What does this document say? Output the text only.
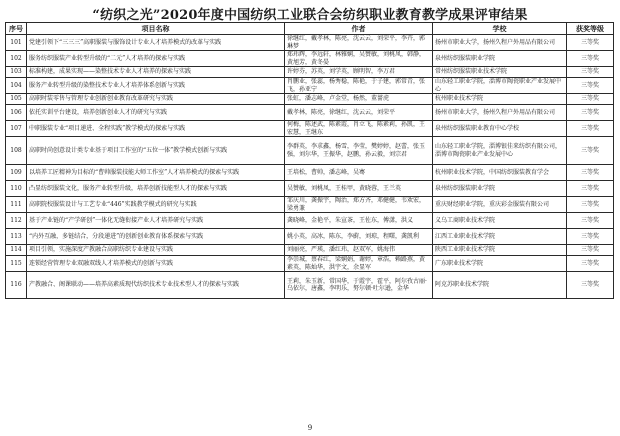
“纺织之光”2020年度中国纺织工业联合会纺织职业教育教学成果评审结果
序号	项目名称	作者	学校	获奖等级
101	党建引领下“三三三”高职服装与服饰设计专业人才培养模式的改革与实践	徐继红，戴孝林，陈亮，沈云云，刘荣平，李卉，郭琳梦	扬州市职业大学，扬州久程户外用品有限公司	三等奖
102	服务纺织服装产业转型升级的“二元”人才培养的探索与实践	郑玮辉，李远轩，林雅娴，吴赞敏，刘桃凤，韩静，黄旭芳，黄冬晏	泉州纺织服装职业学院	三等奖
103	标准构建，成果实现——染整技术专业人才培养的探索与实践	许婷芬，苏英，刘学英，顾明智，李万君	常州纺织服装职业技术学院	三等奖
104	服务产业转型升级的染整技术专业人才培养体系创新与实践	肖鹏业，张蕊，杨秀稳，陈艳，于子建，郭常青，张飞，孙亚宁	山东轻工职业学院，淄博市陶瓷职业产业发展中心	三等奖
105	高职时装零售与管理专业创新创业教育改革研究与实践	张虹，潘志峰，卢金堂，杨然，董蔷虎	杭州职业技术学院	三等奖
106	依托实训平台建设，培养创新创业人才的研究与实践	戴孝林，陈亮，徐继红，沈云云，刘荣平	扬州市职业大学，扬州久程户外用品有限公司	三等奖
107	中职服装专业“项目递进、全程实践”教学模式的探索与实践	何梅，陈述武，陈素霞，肖立飞，陈素莉，孙凯，王宏慧，王继东	泉州纺织服装职业教育中心学校	三等奖
108	高职时尚创意设计类专业基于项目工作室的“五位一体”教学模式创新与实践	李群英，李求鑫，杨雪，李莹，樊婷婷，赵蕾，张玉强，刘尔华，王振华，赵鹏，孙云毅，刘宗君	山东轻工职业学院，淄博银佳来纺织有限公司，淄博市陶瓷职业产业发展中心	三等奖
109	以培养工匠精神为目标的“曹帅服装技能大师工作室”人才培养模式的探索与实践	王培松，曹帅，潘志峰，吴骞	杭州职业技术学院，中国纺织服装教育学会	三等奖
110	凸显纺织服装文化，服务产业转型升级，培养创新技能型人才的探索与实践	吴赞敏，刘桃凤，王桂甲，黄晓蓉，王兰英	泉州纺织服装职业学院	三等奖
111	高职院校服装设计与工艺专业“446”实践教学模式的研究与实践	邹庆川，龚振宇，陶治，郑方齐，邓健健，韦欢宏，梁勇兼	重庆财经职业学院，重庆彩金服装有限公司	三等奖
112	基于产业链的“产学研创”一体化无缝衔接产业人才培养研究与实践	龚晓峰，金艳平，朱宣茶，王佐东，傅潇，洪义	义乌工商职业技术学院	三等奖
113	“内外互融，多链结合，分段递进”的创新创业教育体系探索与实践	姚小英，高冰，陈东，李蔚，刘琼，程曙，龚凯利	江西工业职业技术学院	三等奖
114	项目引领，实施深度产教融合高职纺织专业建设与实践	刘丽亮，严瑛，潘红玮，赵双军，姚海伟	陕西工业职业技术学院	三等奖
115	连锁经营管理专业双融双线人才培养模式的创新与实践	李崇城，蔡春红，梁娴娟，谢婷，章浩，赖路燕，黄素英，陈灿华，洪宇文，余显军	广东职业技术学院	三等奖
116	产教融合、阁课联动——培养高素质现代纺织技术专业技术型人才的探索与实践	王莉，朱玉新，常国华，于霞宇，霍平，阿尔孜古丽·乌依尔，唐鑫，李明乐，努尔顿·吐尔逊，金华	阿克苏职业技术学院	三等奖
9
